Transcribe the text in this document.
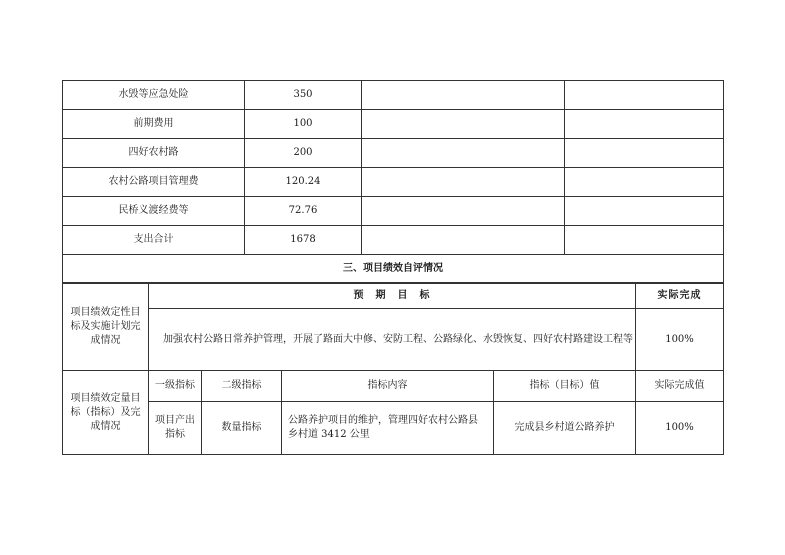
水毁等应急处险	350		
前期费用	100		
四好农村路	200		
农村公路项目管理费	120.24		
民桥义渡经费等	72.76		
支出合计	1678		
三、项目绩效自评情况			
项目绩效定性目标及实施计划完成情况	预　期　目　标				实际完成
	加强农村公路日常养护管理，开展了路面大中修、安防工程、公路绿化、水毁恢复、四好农村路建设工程等				100%
项目绩效定量目标（指标）及完成情况	一级指标	二级指标	指标内容	指标（目标）值	实际完成值
	项目产出指标	数量指标	公路养护项目的维护，管理四好农村公路县乡村道 3412 公里	完成县乡村道公路养护	100%
